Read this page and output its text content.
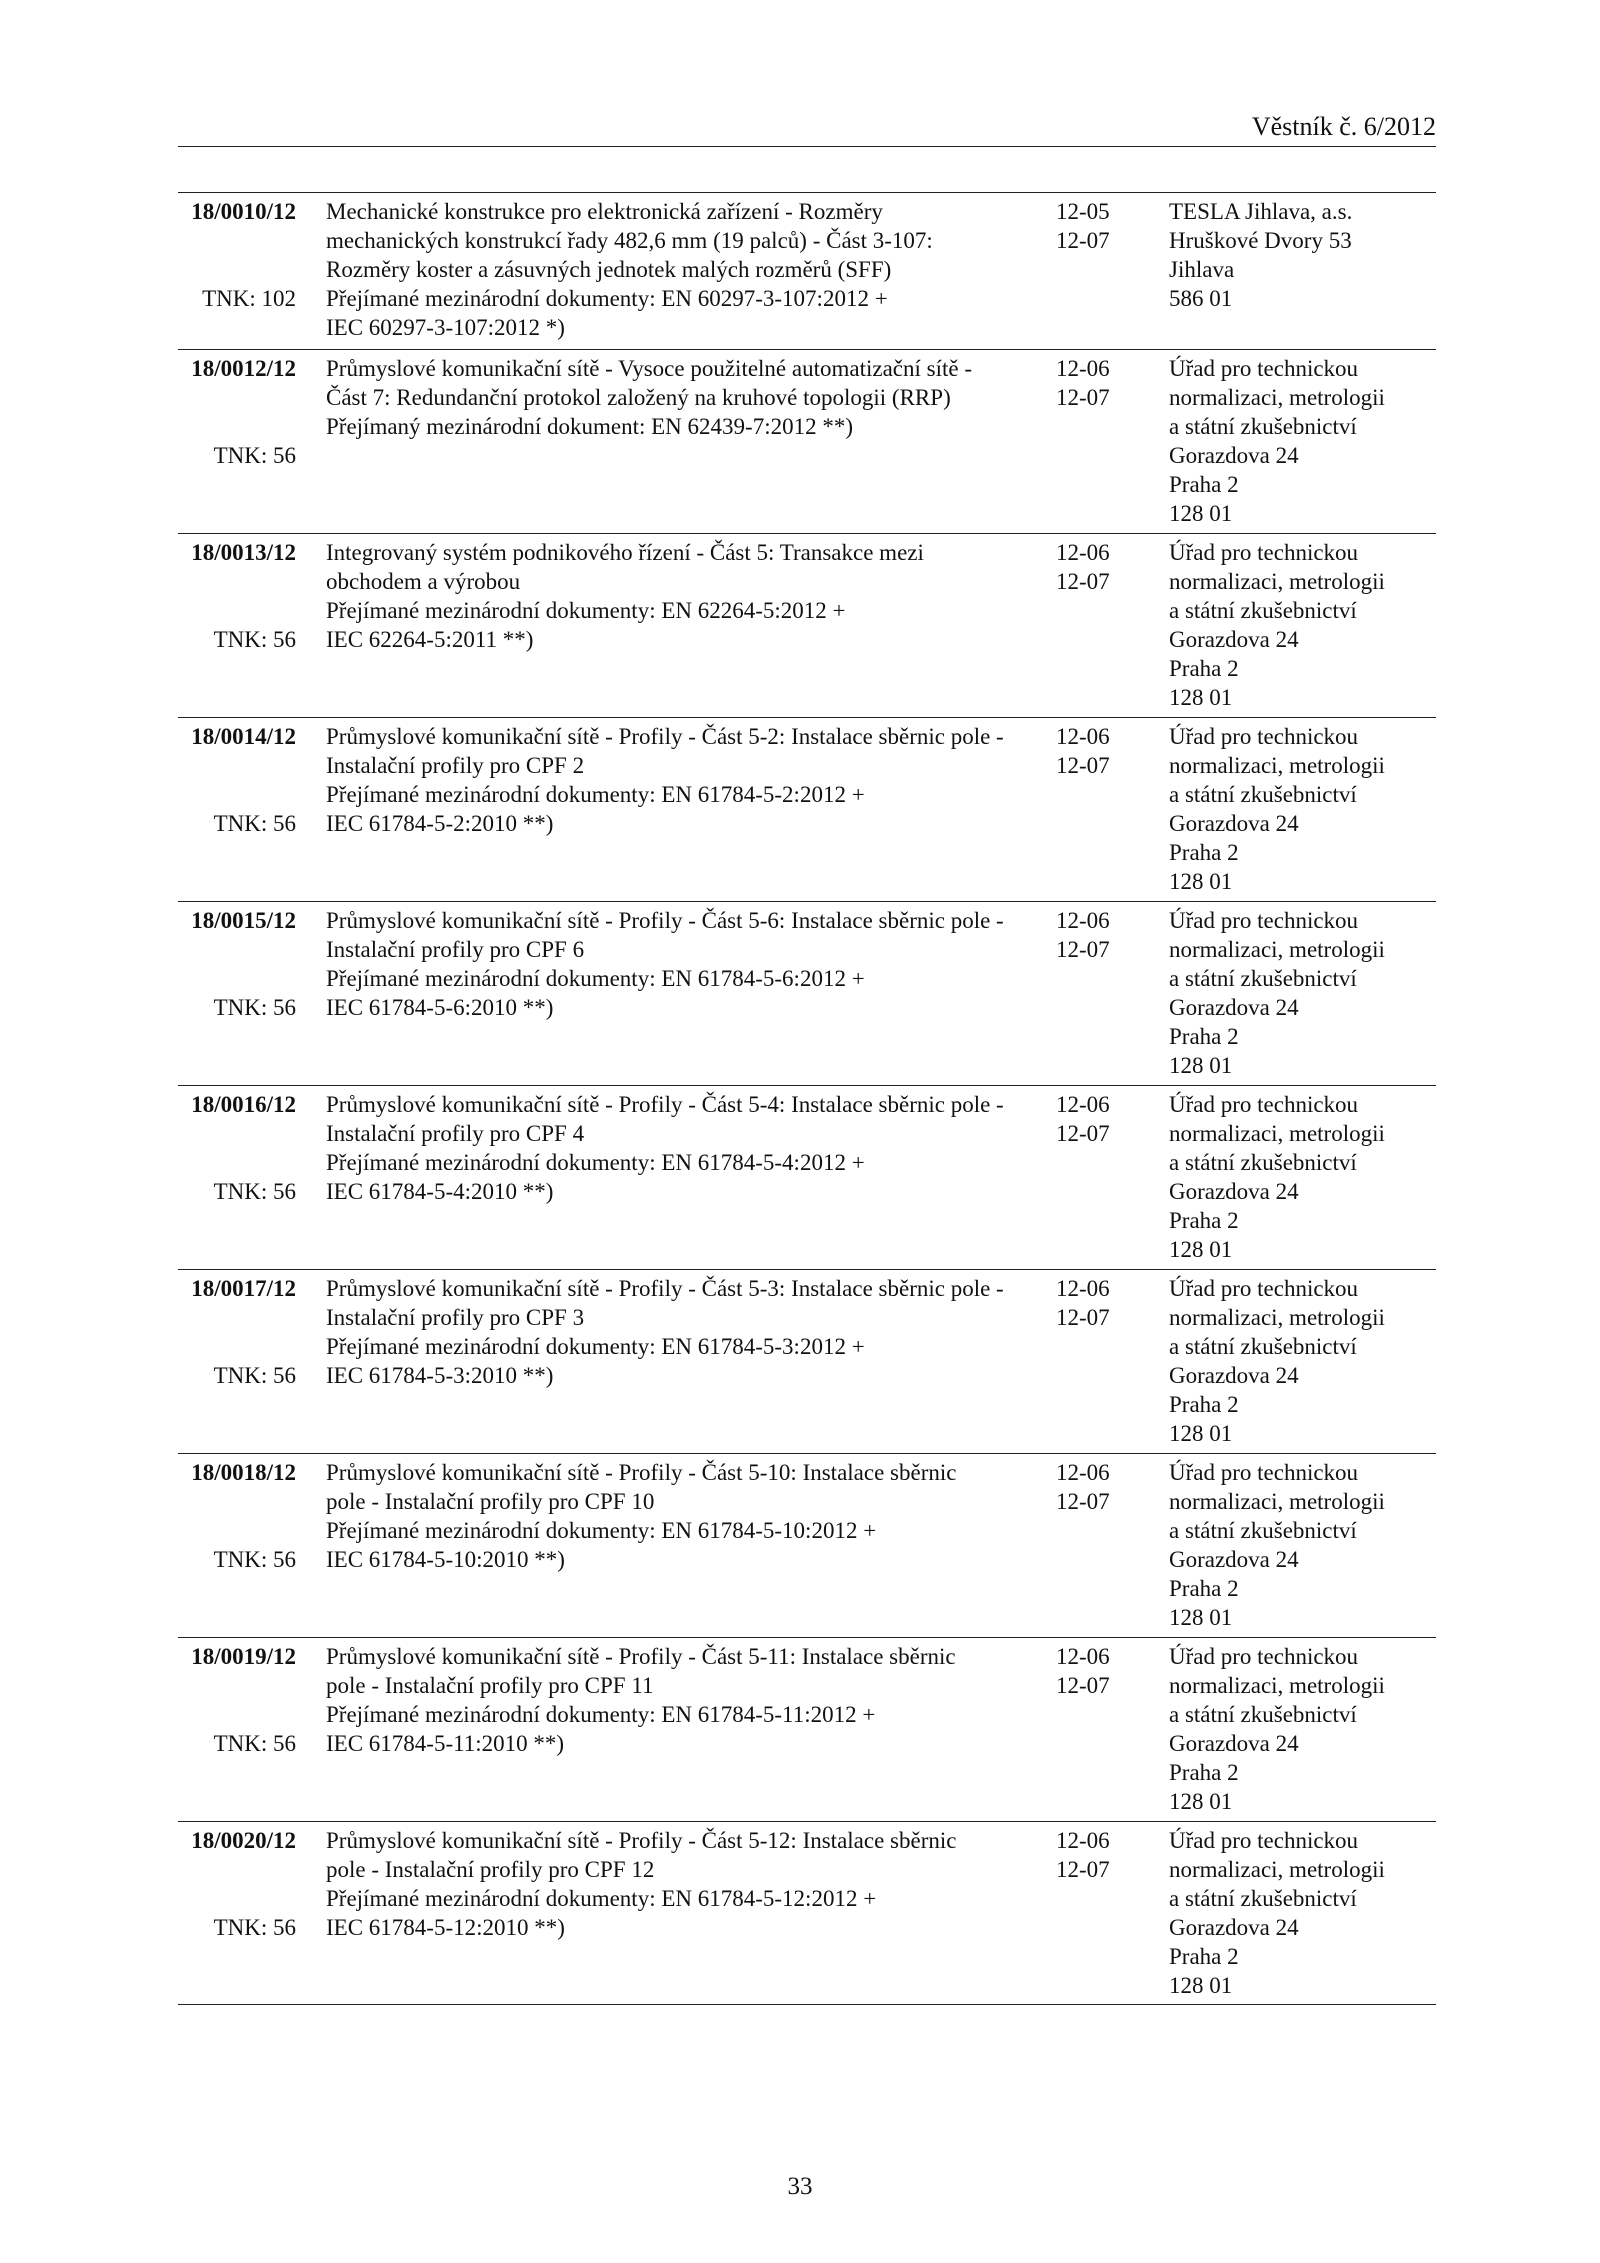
Věstník č. 6/2012
18/0010/12
TNK: 102
Mechanické konstrukce pro elektronická zařízení - Rozměry
mechanických konstrukcí řady 482,6 mm (19 palců) - Část 3-107:
Rozměry koster a zásuvných jednotek malých rozměrů (SFF)
Přejímané mezinárodní dokumenty: EN 60297-3-107:2012 +
IEC 60297-3-107:2012 *)
12-05
12-07
TESLA Jihlava, a.s.
Hruškové Dvory 53
Jihlava
586 01
18/0012/12
TNK: 56
Průmyslové komunikační sítě - Vysoce použitelné automatizační sítě -
Část 7: Redundanční protokol založený na kruhové topologii (RRP)
Přejímaný mezinárodní dokument: EN 62439-7:2012 **)
12-06
12-07
Úřad pro technickou
normalizaci, metrologii
a státní zkušebnictví
Gorazdova 24
Praha 2
128 01
18/0013/12
TNK: 56
Integrovaný systém podnikového řízení - Část 5: Transakce mezi
obchodem a výrobou
Přejímané mezinárodní dokumenty: EN 62264-5:2012 +
IEC 62264-5:2011 **)
12-06
12-07
Úřad pro technickou
normalizaci, metrologii
a státní zkušebnictví
Gorazdova 24
Praha 2
128 01
18/0014/12
TNK: 56
Průmyslové komunikační sítě - Profily - Část 5-2: Instalace sběrnic pole -
Instalační profily pro CPF 2
Přejímané mezinárodní dokumenty: EN 61784-5-2:2012 +
IEC 61784-5-2:2010 **)
12-06
12-07
Úřad pro technickou
normalizaci, metrologii
a státní zkušebnictví
Gorazdova 24
Praha 2
128 01
18/0015/12
TNK: 56
Průmyslové komunikační sítě - Profily - Část 5-6: Instalace sběrnic pole -
Instalační profily pro CPF 6
Přejímané mezinárodní dokumenty: EN 61784-5-6:2012 +
IEC 61784-5-6:2010 **)
12-06
12-07
Úřad pro technickou
normalizaci, metrologii
a státní zkušebnictví
Gorazdova 24
Praha 2
128 01
18/0016/12
TNK: 56
Průmyslové komunikační sítě - Profily - Část 5-4: Instalace sběrnic pole -
Instalační profily pro CPF 4
Přejímané mezinárodní dokumenty: EN 61784-5-4:2012 +
IEC 61784-5-4:2010 **)
12-06
12-07
Úřad pro technickou
normalizaci, metrologii
a státní zkušebnictví
Gorazdova 24
Praha 2
128 01
18/0017/12
TNK: 56
Průmyslové komunikační sítě - Profily - Část 5-3: Instalace sběrnic pole -
Instalační profily pro CPF 3
Přejímané mezinárodní dokumenty: EN 61784-5-3:2012 +
IEC 61784-5-3:2010 **)
12-06
12-07
Úřad pro technickou
normalizaci, metrologii
a státní zkušebnictví
Gorazdova 24
Praha 2
128 01
18/0018/12
TNK: 56
Průmyslové komunikační sítě - Profily - Část 5-10: Instalace sběrnic
pole - Instalační profily pro CPF 10
Přejímané mezinárodní dokumenty: EN 61784-5-10:2012 +
IEC 61784-5-10:2010 **)
12-06
12-07
Úřad pro technickou
normalizaci, metrologii
a státní zkušebnictví
Gorazdova 24
Praha 2
128 01
18/0019/12
TNK: 56
Průmyslové komunikační sítě - Profily - Část 5-11: Instalace sběrnic
pole - Instalační profily pro CPF 11
Přejímané mezinárodní dokumenty: EN 61784-5-11:2012 +
IEC 61784-5-11:2010 **)
12-06
12-07
Úřad pro technickou
normalizaci, metrologii
a státní zkušebnictví
Gorazdova 24
Praha 2
128 01
18/0020/12
TNK: 56
Průmyslové komunikační sítě - Profily - Část 5-12: Instalace sběrnic
pole - Instalační profily pro CPF 12
Přejímané mezinárodní dokumenty: EN 61784-5-12:2012 +
IEC 61784-5-12:2010 **)
12-06
12-07
Úřad pro technickou
normalizaci, metrologii
a státní zkušebnictví
Gorazdova 24
Praha 2
128 01
33
